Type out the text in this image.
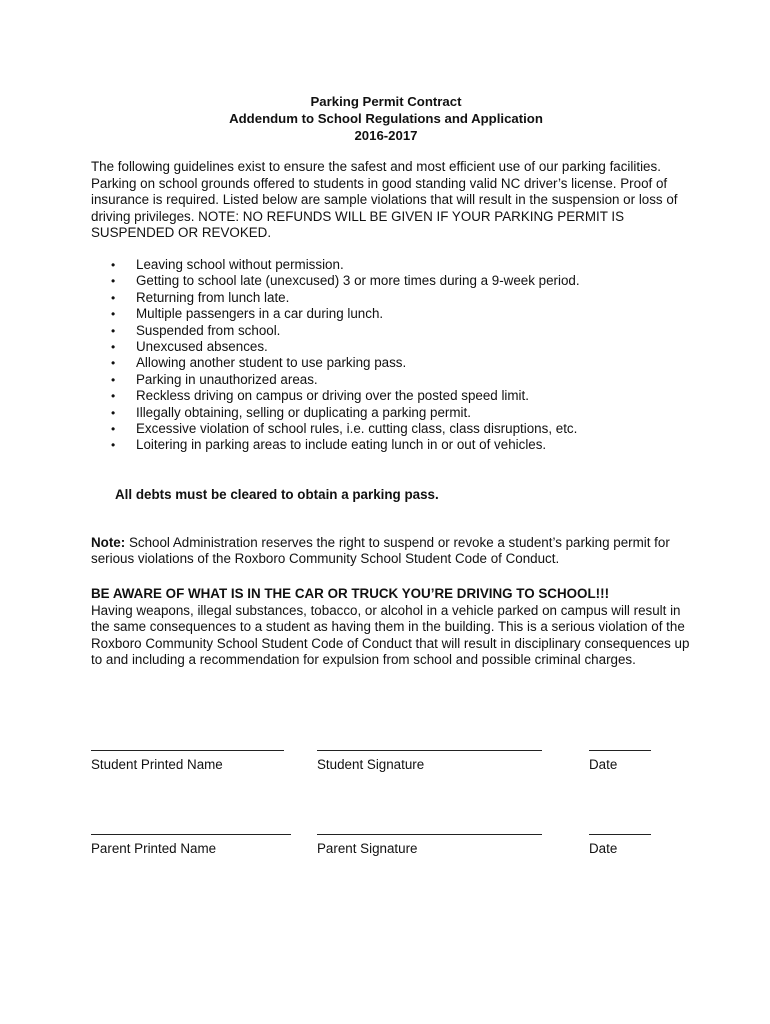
Parking Permit Contract
Addendum to School Regulations and Application
2016-2017
The following guidelines exist to ensure the safest and most efficient use of our parking facilities. Parking on school grounds offered to students in good standing valid NC driver’s license. Proof of insurance is required. Listed below are sample violations that will result in the suspension or loss of driving privileges. NOTE: NO REFUNDS WILL BE GIVEN IF YOUR PARKING PERMIT IS SUSPENDED OR REVOKED.
• Leaving school without permission.
• Getting to school late (unexcused) 3 or more times during a 9-week period.
• Returning from lunch late.
• Multiple passengers in a car during lunch.
• Suspended from school.
• Unexcused absences.
• Allowing another student to use parking pass.
• Parking in unauthorized areas.
• Reckless driving on campus or driving over the posted speed limit.
• Illegally obtaining, selling or duplicating a parking permit.
• Excessive violation of school rules, i.e. cutting class, class disruptions, etc.
• Loitering in parking areas to include eating lunch in or out of vehicles.
All debts must be cleared to obtain a parking pass.
Note: School Administration reserves the right to suspend or revoke a student’s parking permit for serious violations of the Roxboro Community School Student Code of Conduct.
BE AWARE OF WHAT IS IN THE CAR OR TRUCK YOU’RE DRIVING TO SCHOOL!!!
Having weapons, illegal substances, tobacco, or alcohol in a vehicle parked on campus will result in the same consequences to a student as having them in the building. This is a serious violation of the Roxboro Community School Student Code of Conduct that will result in disciplinary consequences up to and including a recommendation for expulsion from school and possible criminal charges.
Student Printed Name	Student Signature	Date
Parent Printed Name	Parent Signature	Date
